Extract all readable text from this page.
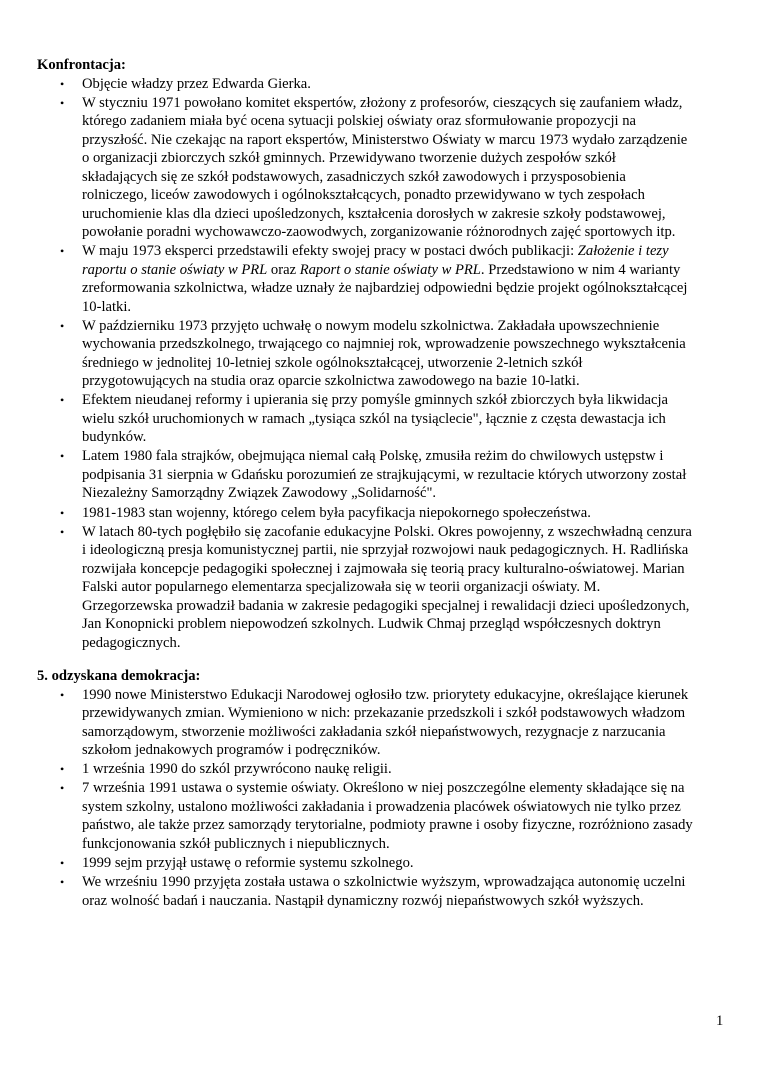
Konfrontacja:
• Objęcie władzy przez Edwarda Gierka.
• W styczniu 1971 powołano komitet ekspertów, złożony z profesorów, cieszących się zaufaniem władz,
którego zadaniem miała być ocena sytuacji polskiej oświaty oraz sformułowanie propozycji na
przyszłość. Nie czekając na raport ekspertów, Ministerstwo Oświaty w marcu 1973 wydało zarządzenie
o organizacji zbiorczych szkół gminnych. Przewidywano tworzenie dużych zespołów szkół
składających się ze szkół podstawowych, zasadniczych szkół zawodowych i przysposobienia
rolniczego, liceów zawodowych i ogólnokształcących, ponadto przewidywano w tych zespołach
uruchomienie klas dla dzieci upośledzonych, kształcenia dorosłych w zakresie szkoły podstawowej,
powołanie poradni wychowawczo-zaowodwych, zorganizowanie różnorodnych zajęć sportowych itp.
• W maju 1973 eksperci przedstawili efekty swojej pracy w postaci dwóch publikacji: Założenie i tezy
raportu o stanie oświaty w PRL oraz Raport o stanie oświaty w PRL. Przedstawiono w nim 4 warianty
zreformowania szkolnictwa, władze uznały że najbardziej odpowiedni będzie projekt ogólnokształcącej
10-latki.
• W październiku 1973 przyjęto uchwałę o nowym modelu szkolnictwa. Zakładała upowszechnienie
wychowania przedszkolnego, trwającego co najmniej rok, wprowadzenie powszechnego wykształcenia
średniego w jednolitej 10-letniej szkole ogólnokształcącej, utworzenie 2-letnich szkół
przygotowujących na studia oraz oparcie szkolnictwa zawodowego na bazie 10-latki.
• Efektem nieudanej reformy i upierania się przy pomyśle gminnych szkół zbiorczych była likwidacja
wielu szkół uruchomionych w ramach „tysiąca szkól na tysiąclecie", łącznie z częsta dewastacja ich
budynków.
• Latem 1980 fala strajków, obejmująca niemal całą Polskę, zmusiła reżim do chwilowych ustępstw i
podpisania 31 sierpnia w Gdańsku porozumień ze strajkującymi, w rezultacie których utworzony został
Niezależny Samorządny Związek Zawodowy „Solidarność".
• 1981-1983 stan wojenny, którego celem była pacyfikacja niepokornego społeczeństwa.
• W latach 80-tych pogłębiło się zacofanie edukacyjne Polski. Okres powojenny, z wszechwładną cenzura
i ideologiczną presja komunistycznej partii, nie sprzyjał rozwojowi nauk pedagogicznych. H. Radlińska
rozwijała koncepcje pedagogiki społecznej i zajmowała się teorią pracy kulturalno-oświatowej. Marian
Falski autor popularnego elementarza specjalizowała się w teorii organizacji oświaty. M.
Grzegorzewska prowadził badania w zakresie pedagogiki specjalnej i rewalidacji dzieci upośledzonych,
Jan Konopnicki problem niepowodzeń szkolnych. Ludwik Chmaj przegląd współczesnych doktryn
pedagogicznych.
5. odzyskana demokracja:
• 1990 nowe Ministerstwo Edukacji Narodowej ogłosiło tzw. priorytety edukacyjne, określające kierunek
przewidywanych zmian. Wymieniono w nich: przekazanie przedszkoli i szkół podstawowych władzom
samorządowym, stworzenie możliwości zakładania szkół niepaństwowych, rezygnacje z narzucania
szkołom jednakowych programów i podręczników.
• 1 września 1990 do szkól przywrócono naukę religii.
• 7 września 1991 ustawa o systemie oświaty. Określono w niej poszczególne elementy składające się na
system szkolny, ustalono możliwości zakładania i prowadzenia placówek oświatowych nie tylko przez
państwo, ale także przez samorządy terytorialne, podmioty prawne i osoby fizyczne, rozróżniono zasady
funkcjonowania szkół publicznych i niepublicznych.
• 1999 sejm przyjął ustawę o reformie systemu szkolnego.
• We wrześniu 1990 przyjęta została ustawa o szkolnictwie wyższym, wprowadzająca autonomię uczelni
oraz wolność badań i nauczania. Nastąpił dynamiczny rozwój niepaństwowych szkół wyższych.
1
